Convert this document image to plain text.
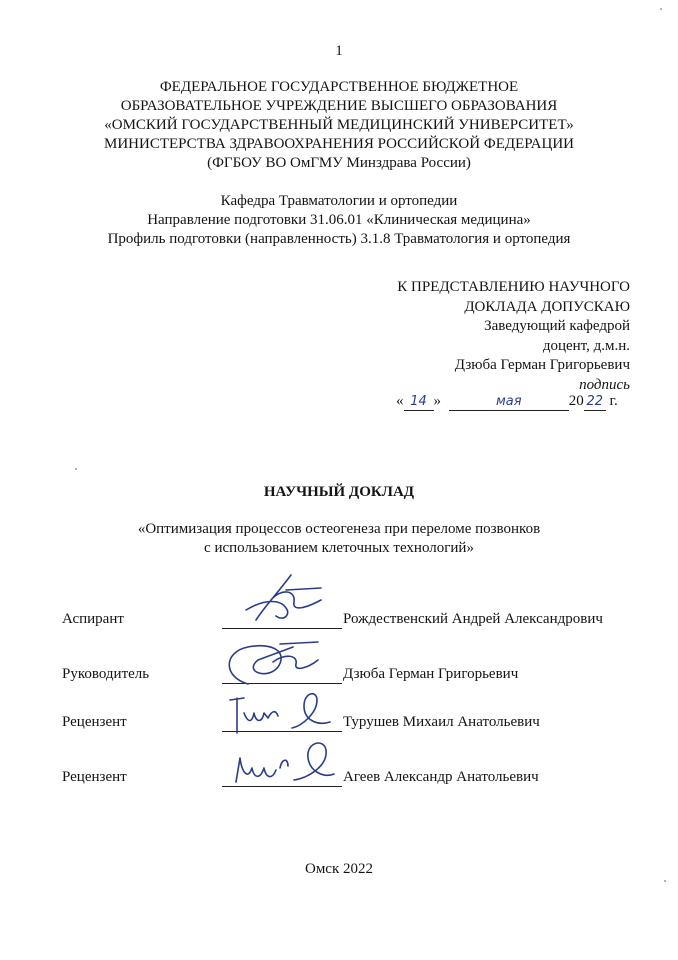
1
ФЕДЕРАЛЬНОЕ ГОСУДАРСТВЕННОЕ БЮДЖЕТНОЕ
ОБРАЗОВАТЕЛЬНОЕ УЧРЕЖДЕНИЕ ВЫСШЕГО ОБРАЗОВАНИЯ
«ОМСКИЙ ГОСУДАРСТВЕННЫЙ МЕДИЦИНСКИЙ УНИВЕРСИТЕТ»
МИНИСТЕРСТВА ЗДРАВООХРАНЕНИЯ РОССИЙСКОЙ ФЕДЕРАЦИИ
(ФГБОУ ВО ОмГМУ Минздрава России)
Кафедра Травматологии и ортопедии
Направление подготовки 31.06.01 «Клиническая медицина»
Профиль подготовки (направленность) 3.1.8 Травматология и ортопедия
К ПРЕДСТАВЛЕНИЮ НАУЧНОГО
ДОКЛАДА ДОПУСКАЮ
Заведующий кафедрой
доцент, д.м.н.
Дзюба Герман Григорьевич
подпись
« 14 »	мая	20 22 г.
НАУЧНЫЙ ДОКЛАД
«Оптимизация процессов остеогенеза при переломе позвонков
с использованием клеточных технологий»
Аспирант	Рождественский Андрей Александрович
Руководитель	Дзюба Герман Григорьевич
Рецензент	Турушев Михаил Анатольевич
Рецензент	Агеев Александр Анатольевич
Омск 2022
